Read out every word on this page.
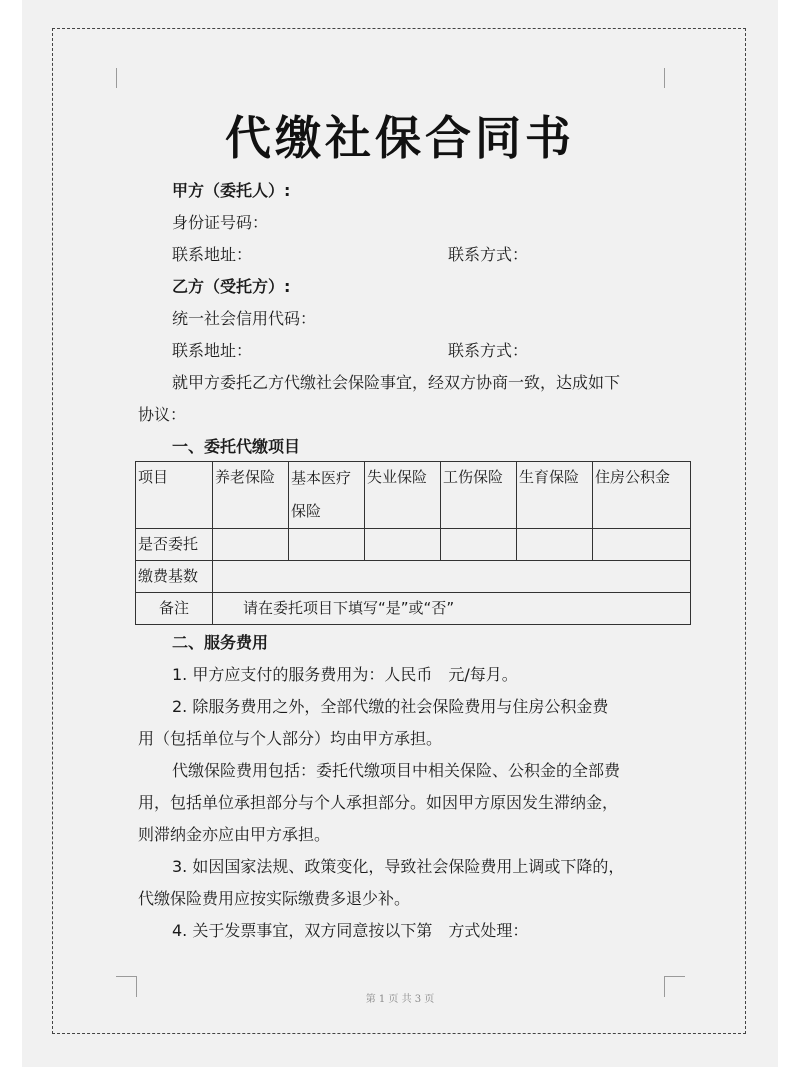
代缴社保合同书
甲方（委托人）:
身份证号码：
联系地址：	联系方式：
乙方（受托方）:
统一社会信用代码：
联系地址：	联系方式：
就甲方委托乙方代缴社会保险事宜，经双方协商一致，达成如下
协议：
一、委托代缴项目
项目	养老保险	基本医疗保险	失业保险	工伤保险	生育保险	住房公积金
是否委托						
缴费基数						
备注	请在委托项目下填写“是”或“否”					
二、服务费用
1. 甲方应支付的服务费用为：人民币　元/每月。
2. 除服务费用之外，全部代缴的社会保险费用与住房公积金费
用（包括单位与个人部分）均由甲方承担。
代缴保险费用包括：委托代缴项目中相关保险、公积金的全部费
用，包括单位承担部分与个人承担部分。如因甲方原因发生滞纳金，
则滞纳金亦应由甲方承担。
3. 如因国家法规、政策变化，导致社会保险费用上调或下降的，
代缴保险费用应按实际缴费多退少补。
4. 关于发票事宜，双方同意按以下第　方式处理：
第 1 页 共 3 页
